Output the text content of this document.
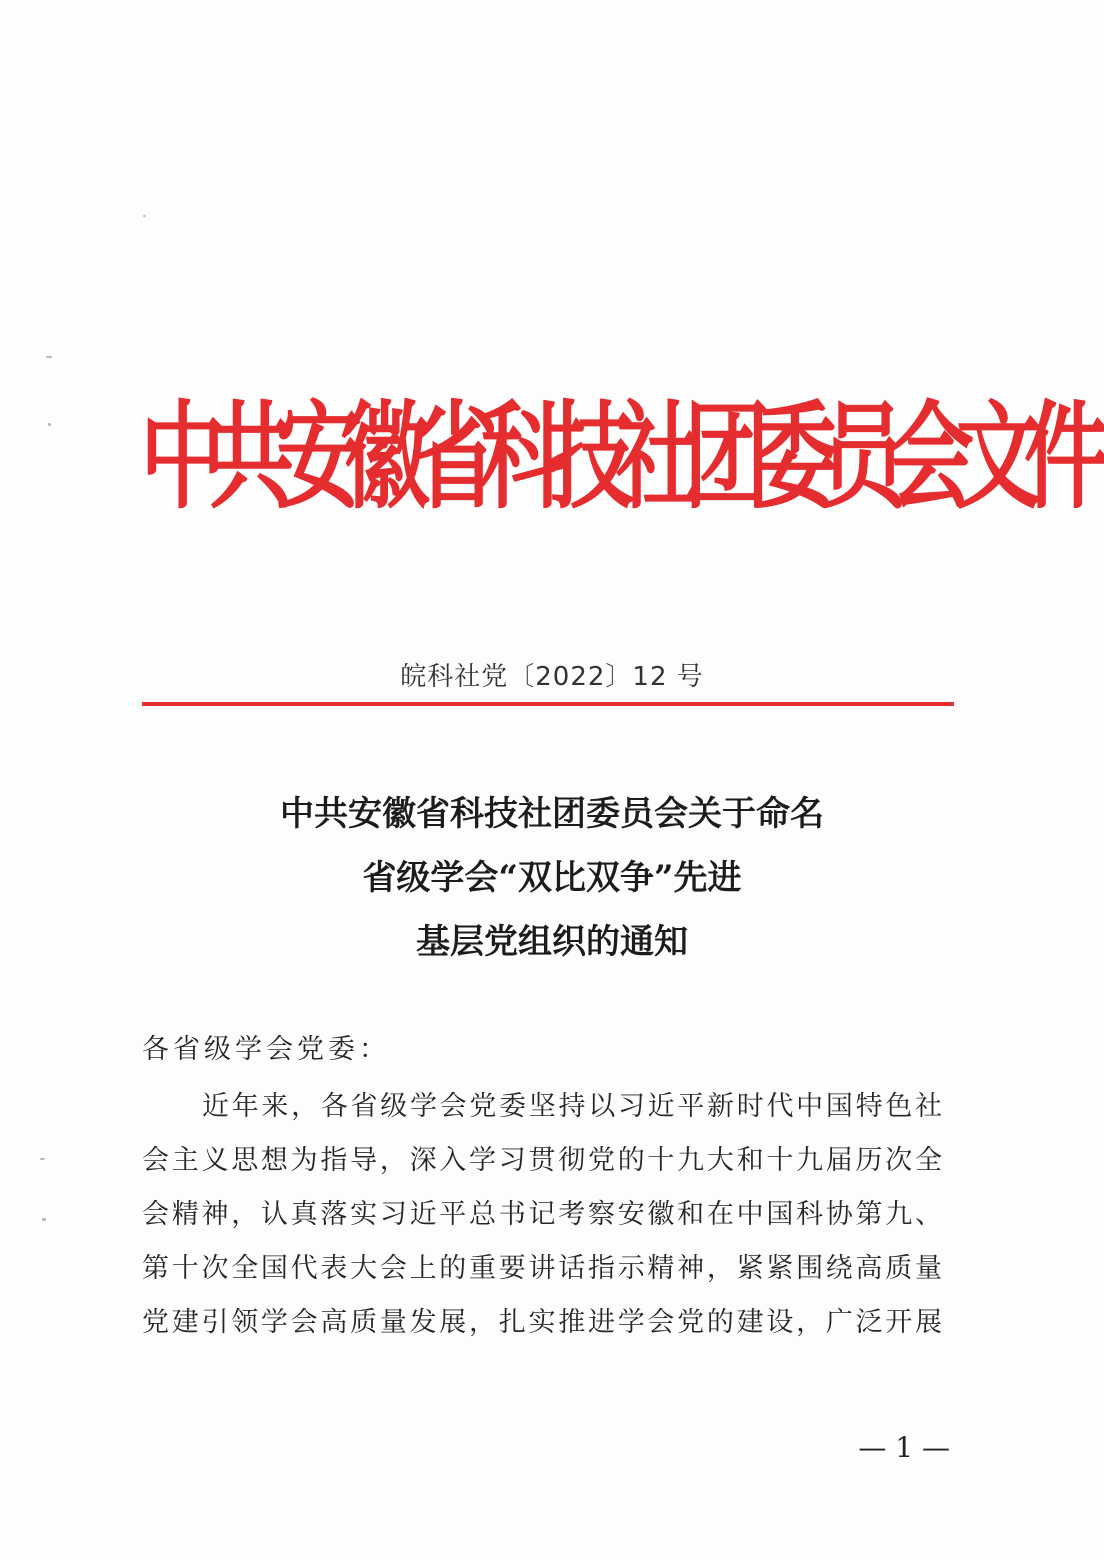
中共安徽省科技社团委员会文件
皖科社党〔2022〕12 号
中共安徽省科技社团委员会关于命名
省级学会“双比双争”先进
基层党组织的通知
各省级学会党委：
近年来，各省级学会党委坚持以习近平新时代中国特色社
会主义思想为指导，深入学习贯彻党的十九大和十九届历次全
会精神，认真落实习近平总书记考察安徽和在中国科协第九、
第十次全国代表大会上的重要讲话指示精神，紧紧围绕高质量
党建引领学会高质量发展，扎实推进学会党的建设，广泛开展
— 1 —
